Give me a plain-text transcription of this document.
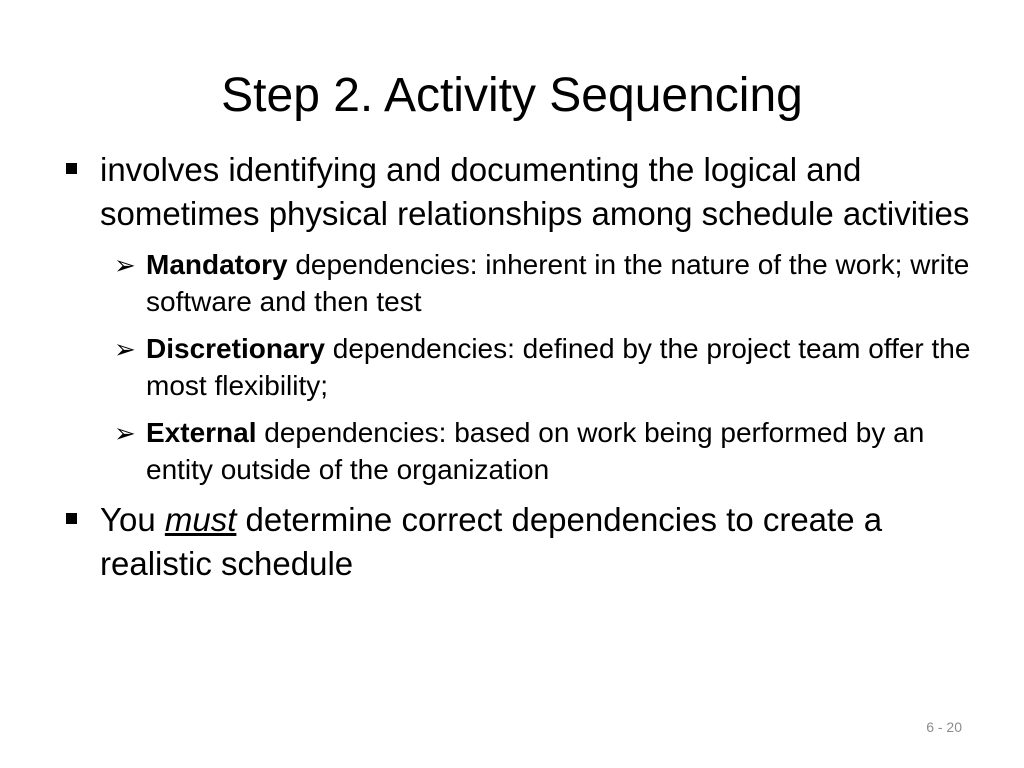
Step 2. Activity Sequencing
involves identifying and documenting the logical and sometimes physical relationships among schedule activities
➢ Mandatory dependencies: inherent in the nature of the work; write software and then test
➢ Discretionary dependencies: defined by the project team offer the most flexibility;
➢ External dependencies: based on work being performed by an entity outside of the organization
You must determine correct dependencies to create a realistic schedule
6 - 20
